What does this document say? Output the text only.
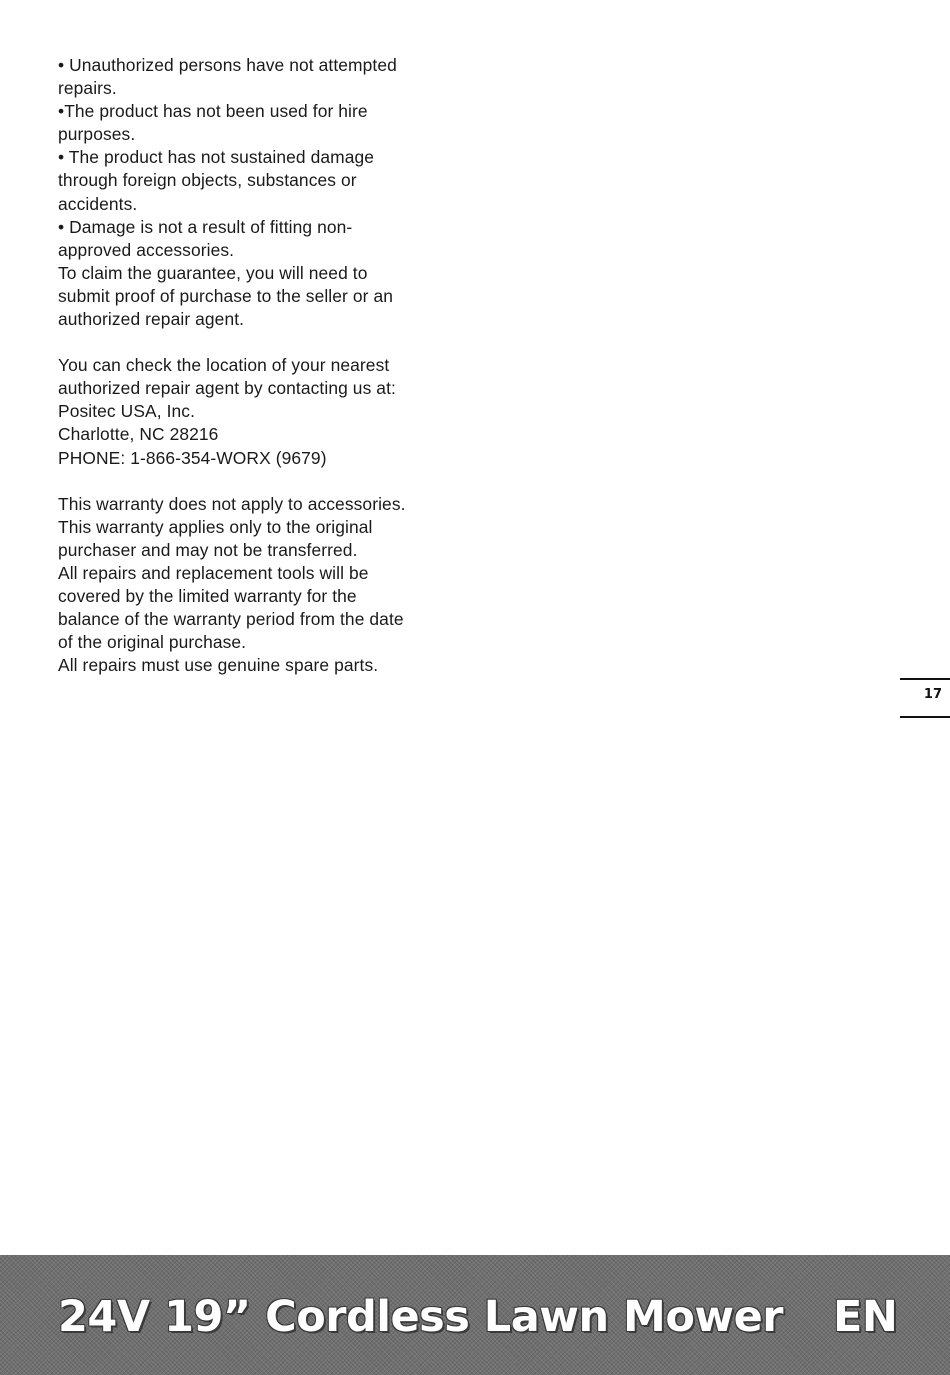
• Unauthorized persons have not attempted
repairs.
•The product has not been used for hire
purposes.
• The product has not sustained damage
through foreign objects, substances or
accidents.
• Damage is not a result of fitting non-
approved accessories.
To claim the guarantee, you will need to
submit proof of purchase to the seller or an
authorized repair agent.

You can check the location of your nearest
authorized repair agent by contacting us at:
Positec USA, Inc.
Charlotte, NC 28216
PHONE: 1-866-354-WORX (9679)

This warranty does not apply to accessories.
This warranty applies only to the original
purchaser and may not be transferred.
All repairs and replacement tools will be
covered by the limited warranty for the
balance of the warranty period from the date
of the original purchase.
All repairs must use genuine spare parts.

17
24V 19” Cordless Lawn Mower EN
